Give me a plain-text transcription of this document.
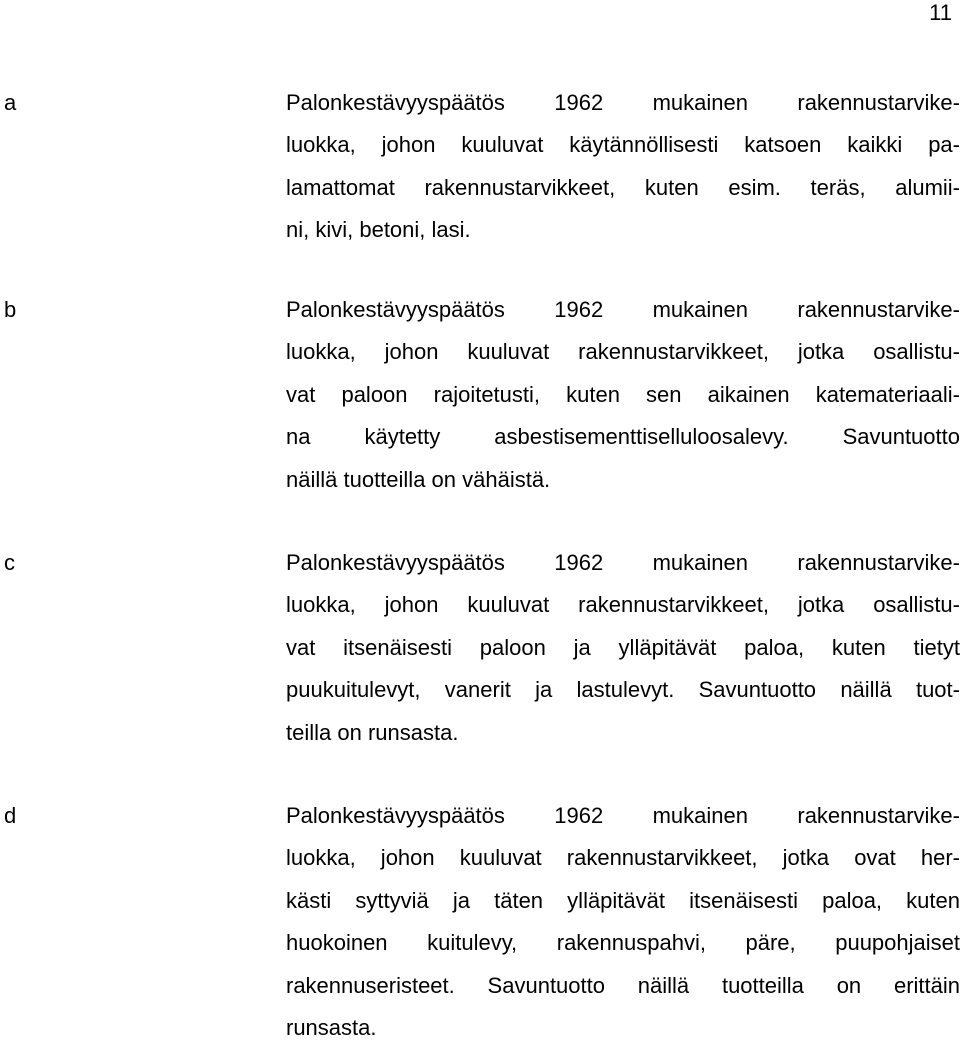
11
a	Palonkestävyyspäätös 1962 mukainen rakennustarvike-
luokka, johon kuuluvat käytännöllisesti katsoen kaikki pa-
lamattomat rakennustarvikkeet, kuten esim. teräs, alumii-
ni, kivi, betoni, lasi.
b	Palonkestävyyspäätös 1962 mukainen rakennustarvike-
luokka, johon kuuluvat rakennustarvikkeet, jotka osallistu-
vat paloon rajoitetusti, kuten sen aikainen katemateriaali-
na käytetty asbestisementtiselluloosalevy. Savuntuotto
näillä tuotteilla on vähäistä.
c	Palonkestävyyspäätös 1962 mukainen rakennustarvike-
luokka, johon kuuluvat rakennustarvikkeet, jotka osallistu-
vat itsenäisesti paloon ja ylläpitävät paloa, kuten tietyt
puukuitulevyt, vanerit ja lastulevyt. Savuntuotto näillä tuot-
teilla on runsasta.
d	Palonkestävyyspäätös 1962 mukainen rakennustarvike-
luokka, johon kuuluvat rakennustarvikkeet, jotka ovat her-
kästi syttyviä ja täten ylläpitävät itsenäisesti paloa, kuten
huokoinen kuitulevy, rakennuspahvi, päre, puupohjaiset
rakennuseristeet. Savuntuotto näillä tuotteilla on erittäin
runsasta.
